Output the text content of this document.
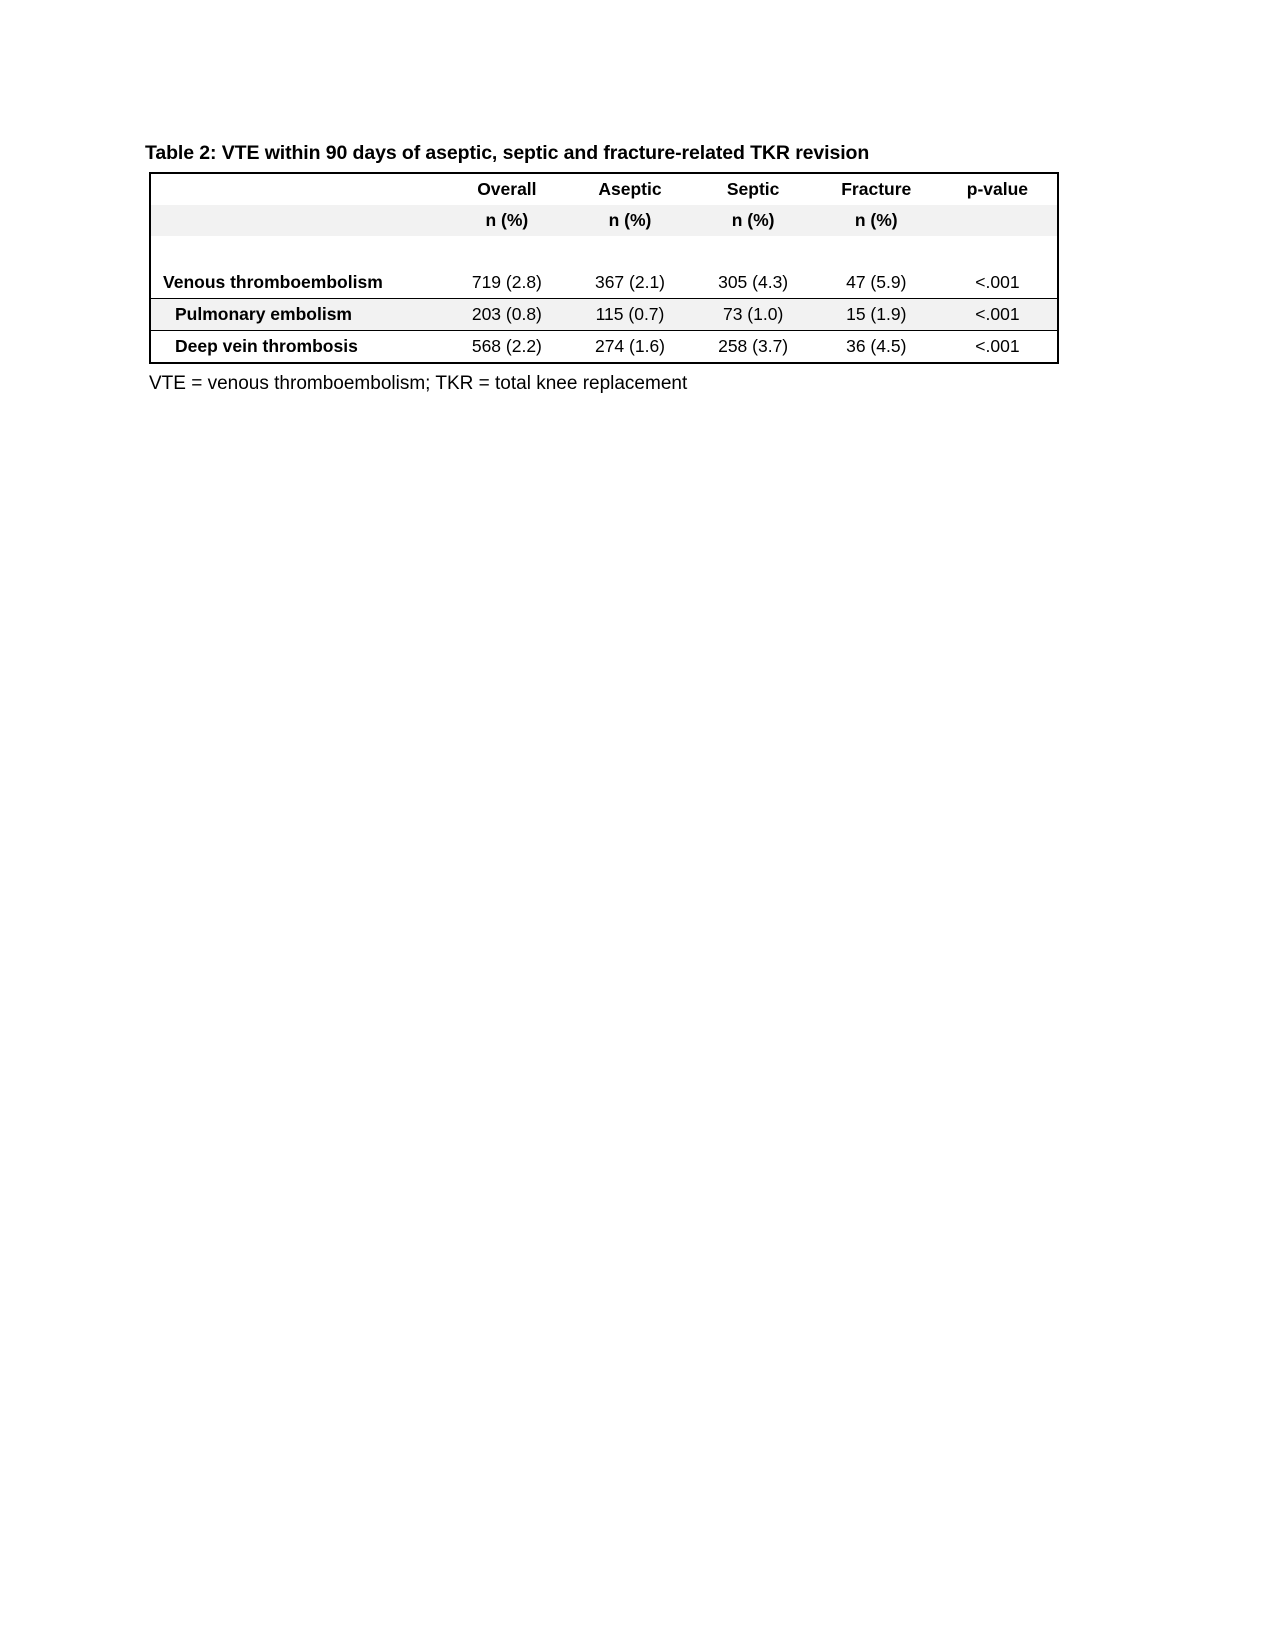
Table 2: VTE within 90 days of aseptic, septic and fracture-related TKR revision
	Overall	Aseptic	Septic	Fracture	p-value
	n (%)	n (%)	n (%)	n (%)	

Venous thromboembolism	719 (2.8)	367 (2.1)	305 (4.3)	47 (5.9)	<.001
Pulmonary embolism	203 (0.8)	115 (0.7)	73 (1.0)	15 (1.9)	<.001
Deep vein thrombosis	568 (2.2)	274 (1.6)	258 (3.7)	36 (4.5)	<.001
VTE = venous thromboembolism; TKR = total knee replacement
